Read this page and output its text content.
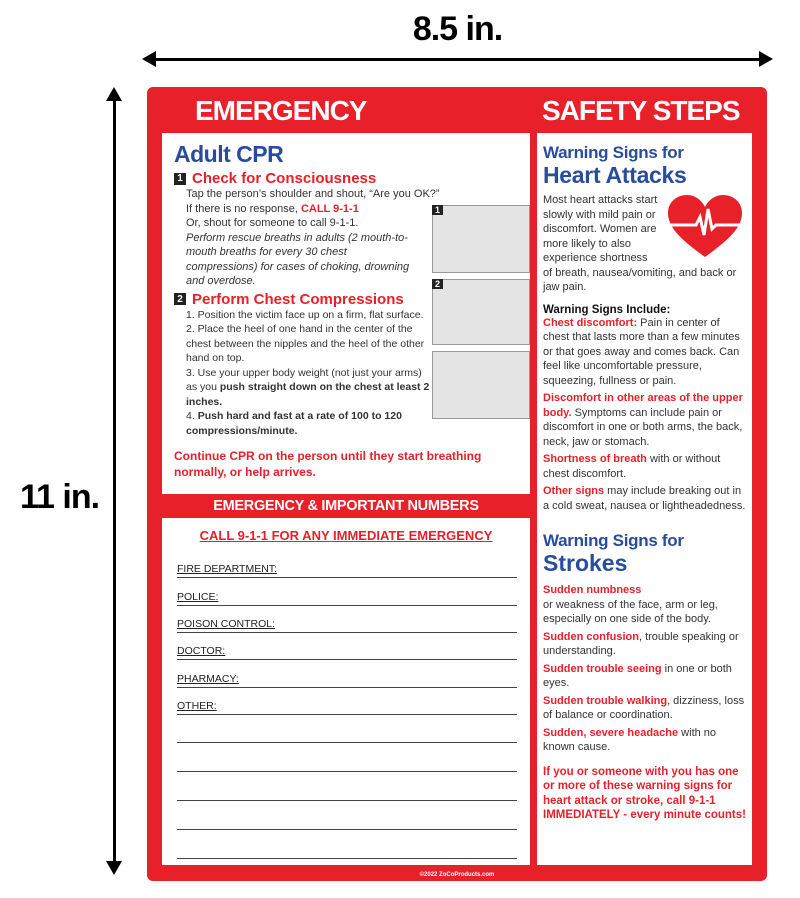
8.5 in.
11 in.
EMERGENCY	SAFETY STEPS
Adult CPR
1 Check for Consciousness
Tap the person’s shoulder and shout, “Are you OK?”
If there is no response, CALL 9-1-1
Or, shout for someone to call 9-1-1.
Perform rescue breaths in adults (2 mouth-to-mouth breaths for every 30 chest compressions) for cases of choking, drowning and overdose.
2 Perform Chest Compressions
1. Position the victim face up on a firm, flat surface.
2. Place the heel of one hand in the center of the chest between the nipples and the heel of the other hand on top.
3. Use your upper body weight (not just your arms) as you push straight down on the chest at least 2 inches.
4. Push hard and fast at a rate of 100 to 120 compressions/minute.
Continue CPR on the person until they start breathing normally, or help arrives.
1
2
EMERGENCY & IMPORTANT NUMBERS
CALL 9-1-1 FOR ANY IMMEDIATE EMERGENCY
FIRE DEPARTMENT:
POLICE:
POISON CONTROL:
DOCTOR:
PHARMACY:
OTHER:
Warning Signs for
Heart Attacks
Most heart attacks start slowly with mild pain or discomfort. Women are more likely to also experience shortness of breath, nausea/vomiting, and back or jaw pain.
Warning Signs Include:
Chest discomfort: Pain in center of chest that lasts more than a few minutes or that goes away and comes back. Can feel like uncomfortable pressure, squeezing, fullness or pain.
Discomfort in other areas of the upper body. Symptoms can include pain or discomfort in one or both arms, the back, neck, jaw or stomach.
Shortness of breath with or without chest discomfort.
Other signs may include breaking out in a cold sweat, nausea or lightheadedness.
Warning Signs for
Strokes
Sudden numbness
or weakness of the face, arm or leg, especially on one side of the body.
Sudden confusion, trouble speaking or understanding.
Sudden trouble seeing in one or both eyes.
Sudden trouble walking, dizziness, loss of balance or coordination.
Sudden, severe headache with no known cause.
If you or someone with you has one or more of these warning signs for heart attack or stroke, call 9-1-1 IMMEDIATELY - every minute counts!
©2022 ZoCoProducts.com
